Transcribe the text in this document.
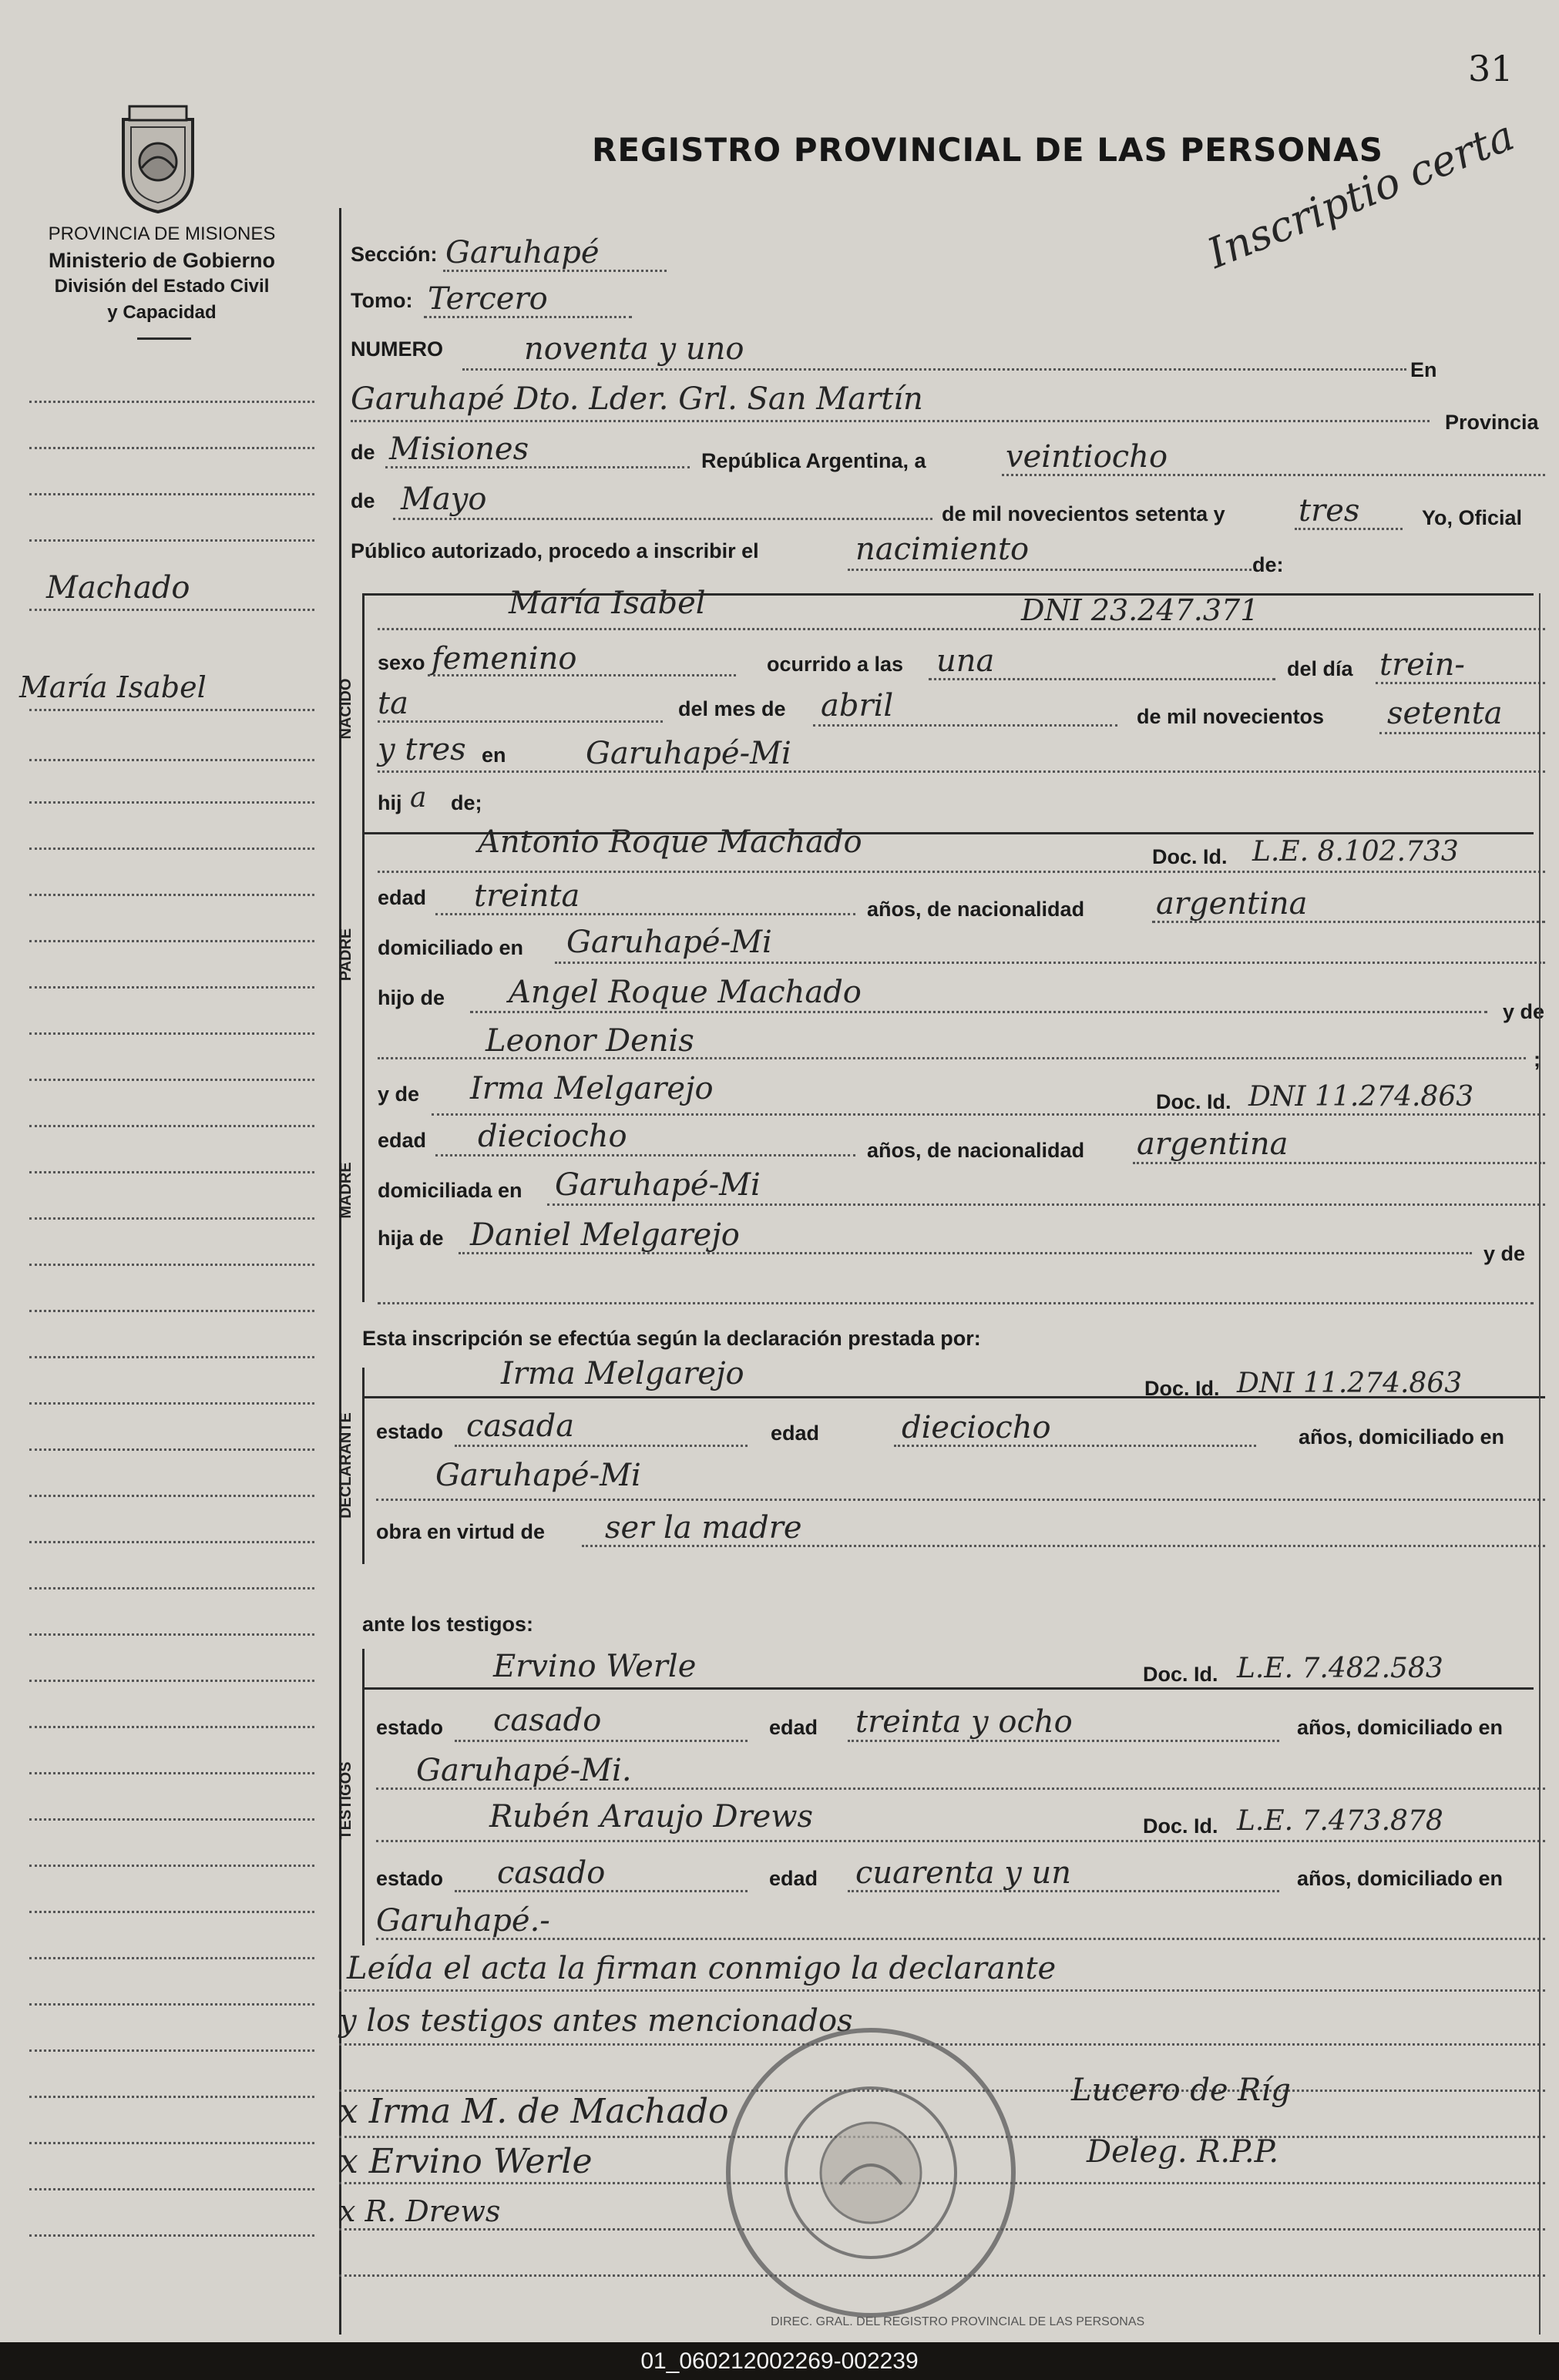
31
PROVINCIA DE MISIONES
Ministerio de Gobierno
División del Estado Civil
y Capacidad
REGISTRO PROVINCIAL DE LAS PERSONAS
Inscriptio certa
Machado
María Isabel
Sección: Garuhapé
Tomo: Tercero
NUMERO	noventa y uno
En
Garuhapé Dto. Lder. Grl. San Martín
Provincia
de Misiones	República Argentina, a	veintiocho
de Mayo	de mil novecientos setenta y tres	Yo, Oficial
Público autorizado, procedo a inscribir el	nacimiento	de:
NACIDO
María Isabel	DNI 23.247.371
sexo femenino	ocurrido a las una	del día trein-
ta	del mes de abril	de mil novecientos setenta
y tres en	Garuhapé-Mi
hij a de;
PADRE
Antonio Roque Machado	Doc. Id. L.E. 8.102.733
edad treinta	años, de nacionalidad argentina
domiciliado en Garuhapé-Mi
hijo de Angel Roque Machado
y de
Leonor Denis
;
MADRE
y de Irma Melgarejo	Doc. Id. DNI 11.274.863
edad dieciocho	años, de nacionalidad argentina
domiciliada en Garuhapé-Mi
hija de Daniel Melgarejo
y de
Esta inscripción se efectúa según la declaración prestada por:
DECLARANTE
Irma Melgarejo	Doc. Id. DNI 11.274.863
estado casada	edad	dieciocho	años, domiciliado en
Garuhapé-Mi
obra en virtud de ser la madre
ante los testigos:
TESTIGOS
Ervino Werle	Doc. Id. L.E. 7.482.583
estado casado	edad treinta y ocho	años, domiciliado en
Garuhapé-Mi.
Rubén Araujo Drews	Doc. Id. L.E. 7.473.878
estado casado	edad cuarenta y un	años, domiciliado en
Garuhapé.-
Leída el acta la firman conmigo la declarante
y los testigos antes mencionados
DIREC. GRAL. DEL REGISTRO PROVINCIAL DE LAS PERSONAS
x Irma M. de Machado
x Ervino Werle
x R. Drews
Lucero de Ríg
Deleg. R.P.P.
01_060212002269-002239
